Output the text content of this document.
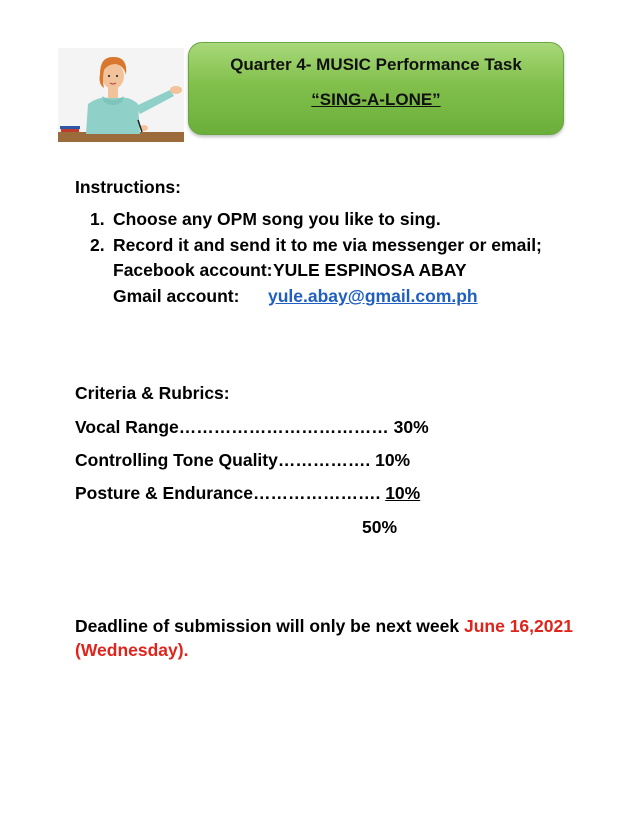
Quarter 4- MUSIC Performance Task
“SING-A-LONE”
Instructions:
1. Choose any OPM song you like to sing.
2. Record it and send it to me via messenger or email;
Facebook account: YULE ESPINOSA ABAY
Gmail account: yule.abay@gmail.com.ph
Criteria & Rubrics:
Vocal Range……………………………… 30%
Controlling Tone Quality……………. 10%
Posture & Endurance…………………. 10%
50%
Deadline of submission will only be next week June 16,2021
(Wednesday).
